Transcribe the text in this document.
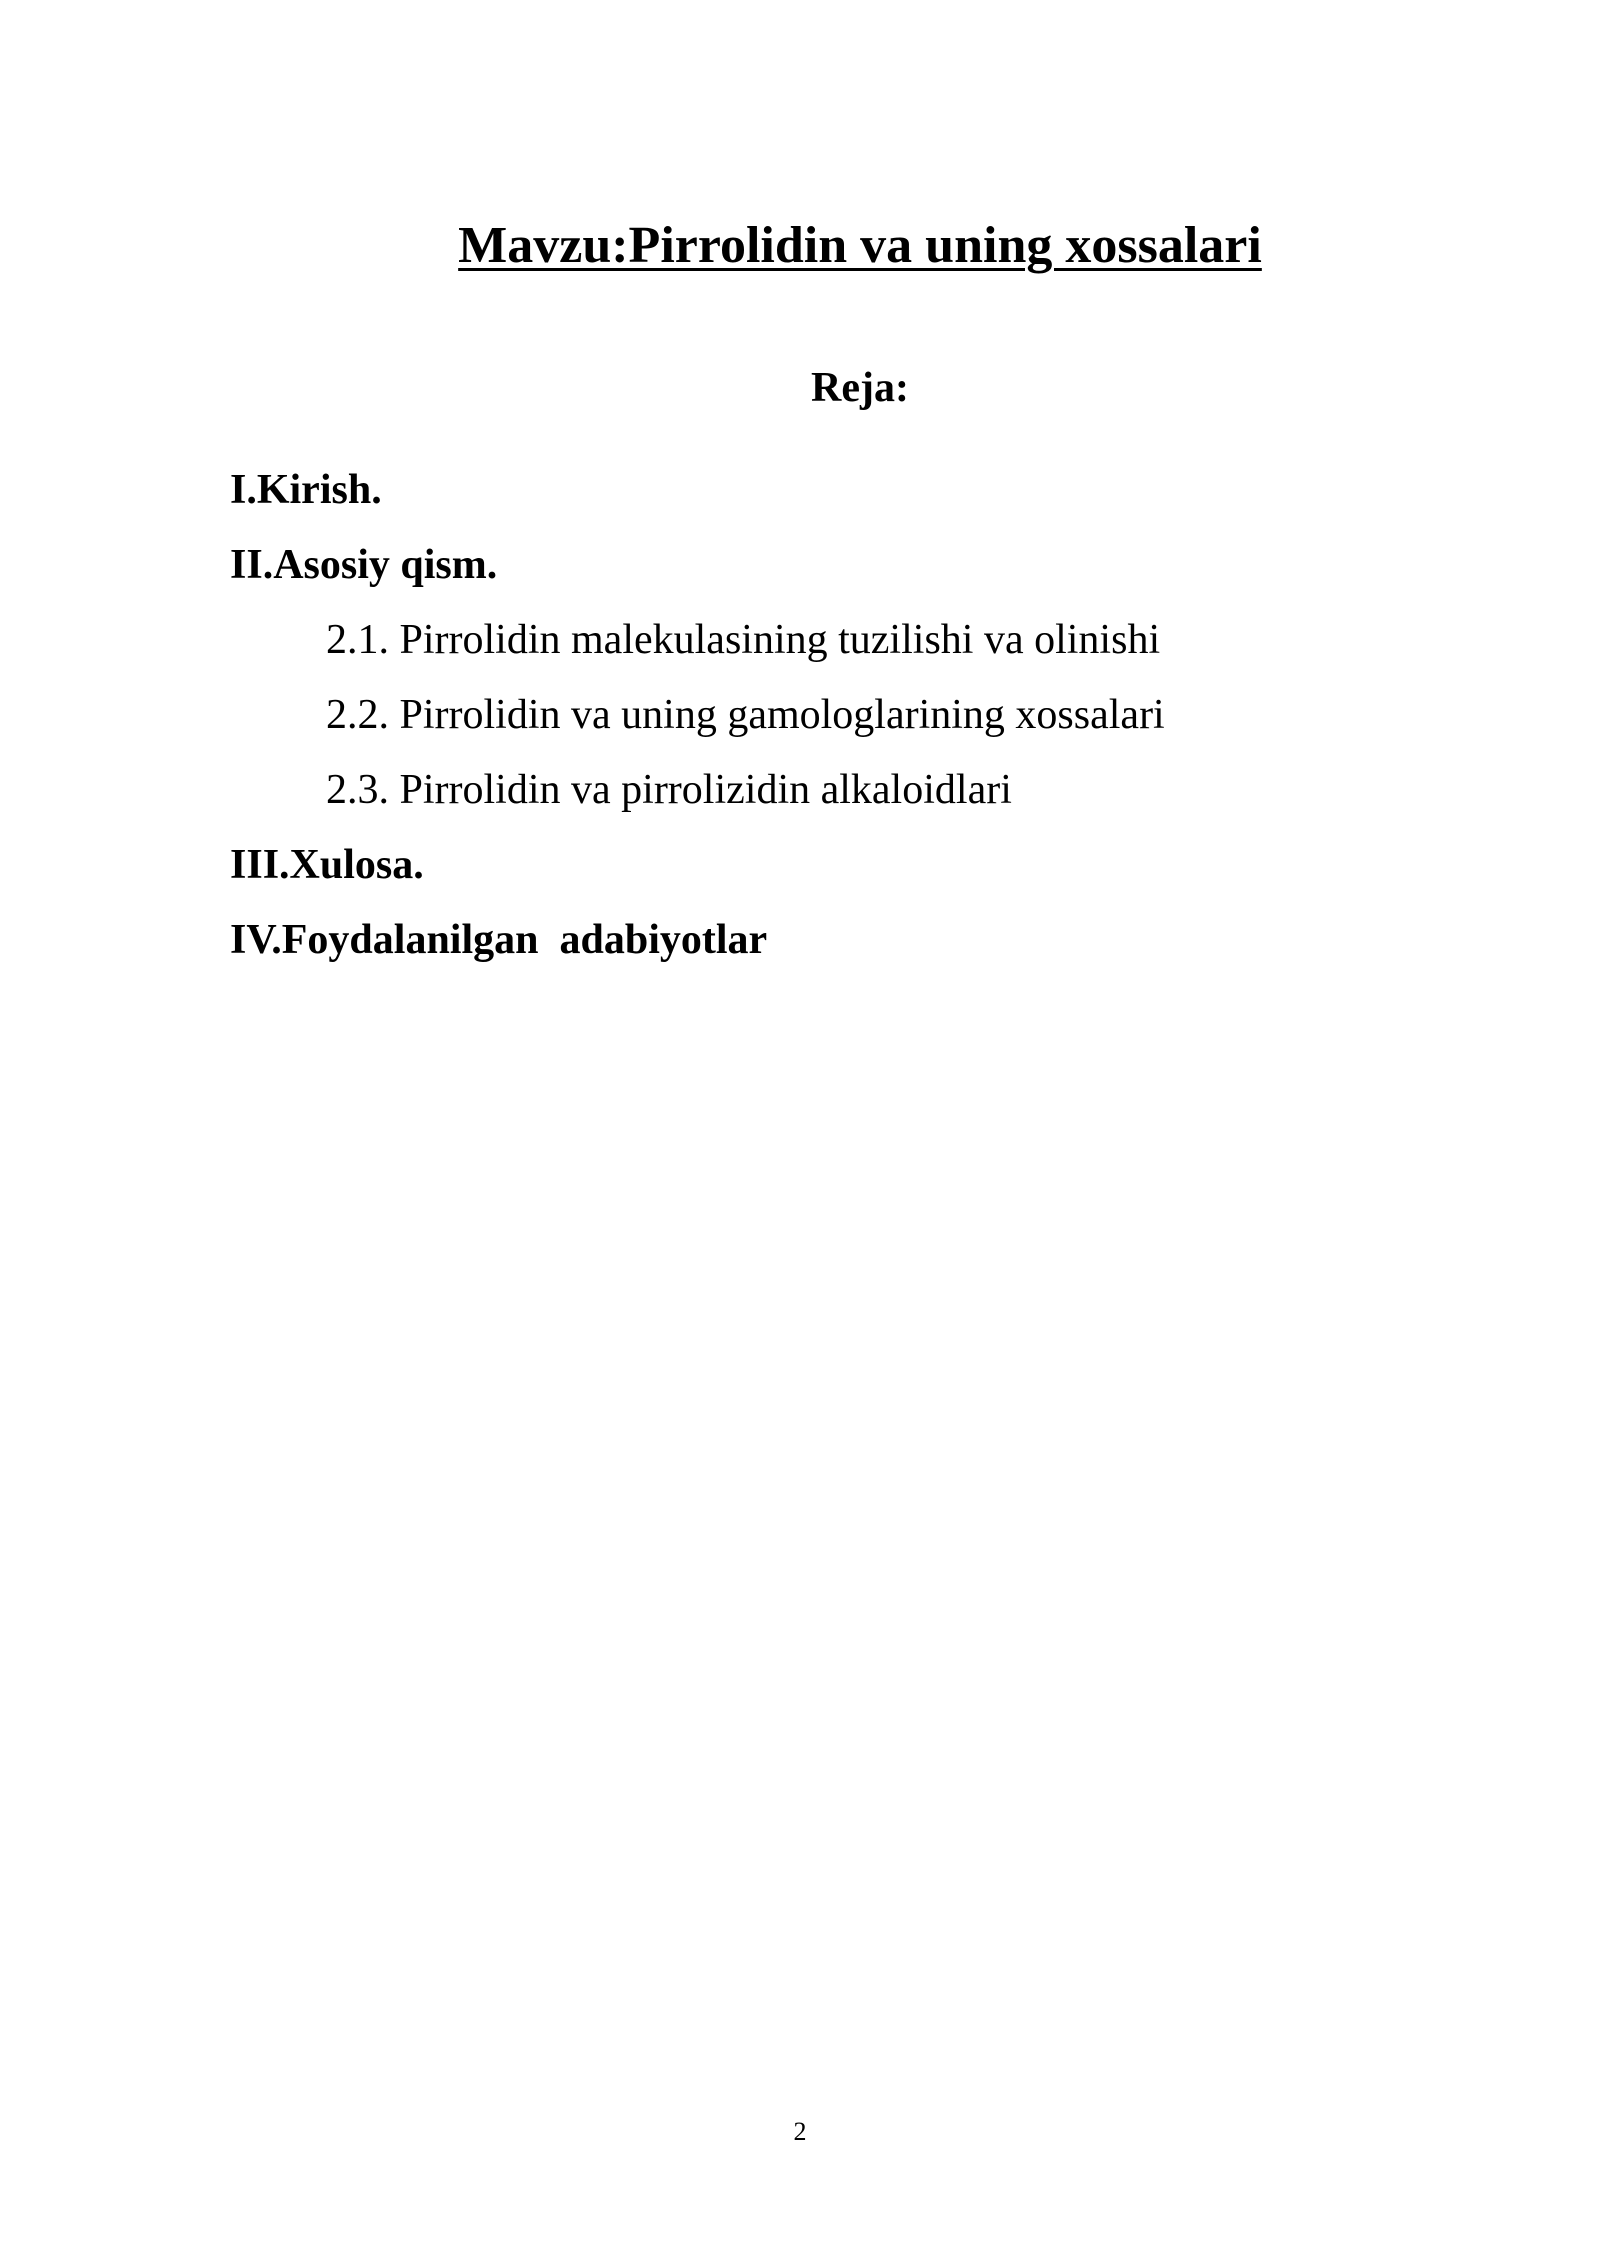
Mavzu:Pirrolidin va uning xossalari
Reja:
I.Kirish.
II.Asosiy qism.
2.1. Pirrolidin malekulasining tuzilishi va olinishi
2.2. Pirrolidin va uning gamologlarining xossalari
2.3. Pirrolidin va pirrolizidin alkaloidlari
III.Xulosa.
IV.Foydalanilgan  adabiyotlar
2
